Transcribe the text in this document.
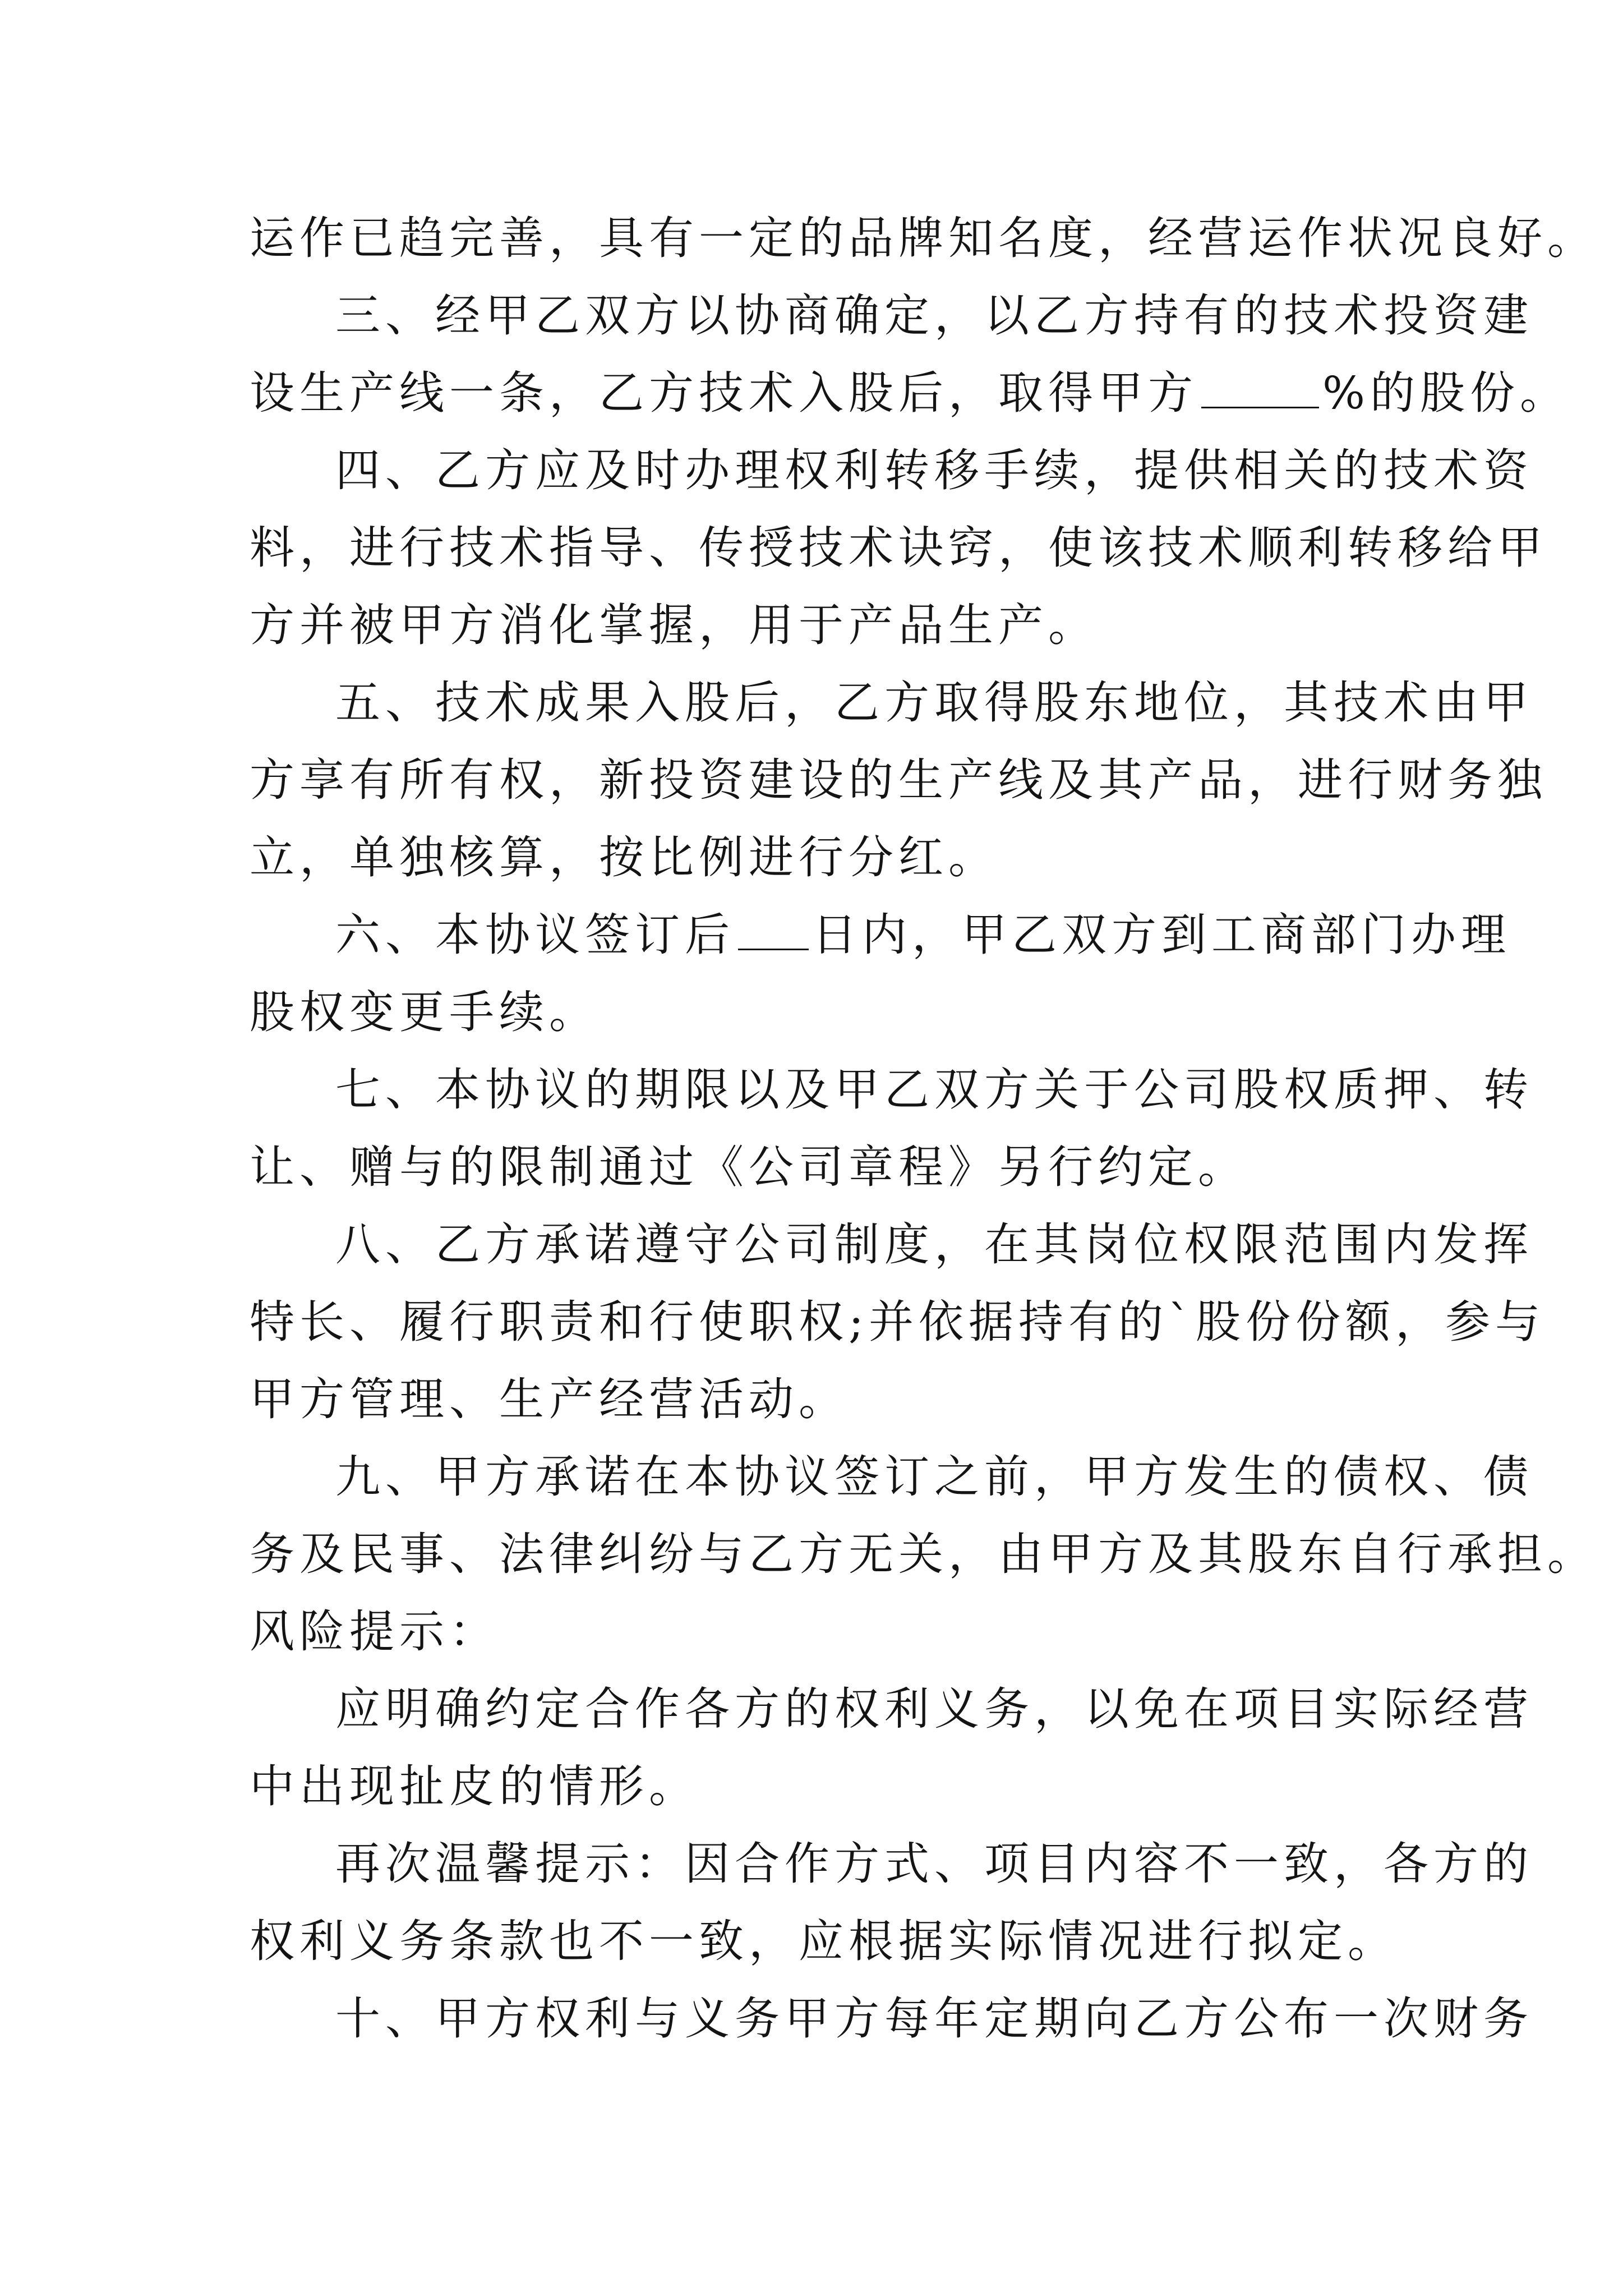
运作已趋完善，具有一定的品牌知名度，经营运作状况良好。
三、经甲乙双方以协商确定，以乙方持有的技术投资建
设生产线一条，乙方技术入股后，取得甲方	%的股份。
四、乙方应及时办理权利转移手续，提供相关的技术资
料，进行技术指导、传授技术诀窍，使该技术顺利转移给甲
方并被甲方消化掌握，用于产品生产。
五、技术成果入股后，乙方取得股东地位，其技术由甲
方享有所有权，新投资建设的生产线及其产品，进行财务独
立，单独核算，按比例进行分红。
六、本协议签订后 日内，甲乙双方到工商部门办理
股权变更手续。
七、本协议的期限以及甲乙双方关于公司股权质押、转
让、赠与的限制通过《公司章程》另行约定。
八、乙方承诺遵守公司制度，在其岗位权限范围内发挥
特长、履行职责和行使职权;并依据持有的`股份份额，参与
甲方管理、生产经营活动。
九、甲方承诺在本协议签订之前，甲方发生的债权、债
务及民事、法律纠纷与乙方无关，由甲方及其股东自行承担。
风险提示：
应明确约定合作各方的权利义务，以免在项目实际经营
中出现扯皮的情形。
再次温馨提示：因合作方式、项目内容不一致，各方的
权利义务条款也不一致，应根据实际情况进行拟定。
十、甲方权利与义务甲方每年定期向乙方公布一次财务
